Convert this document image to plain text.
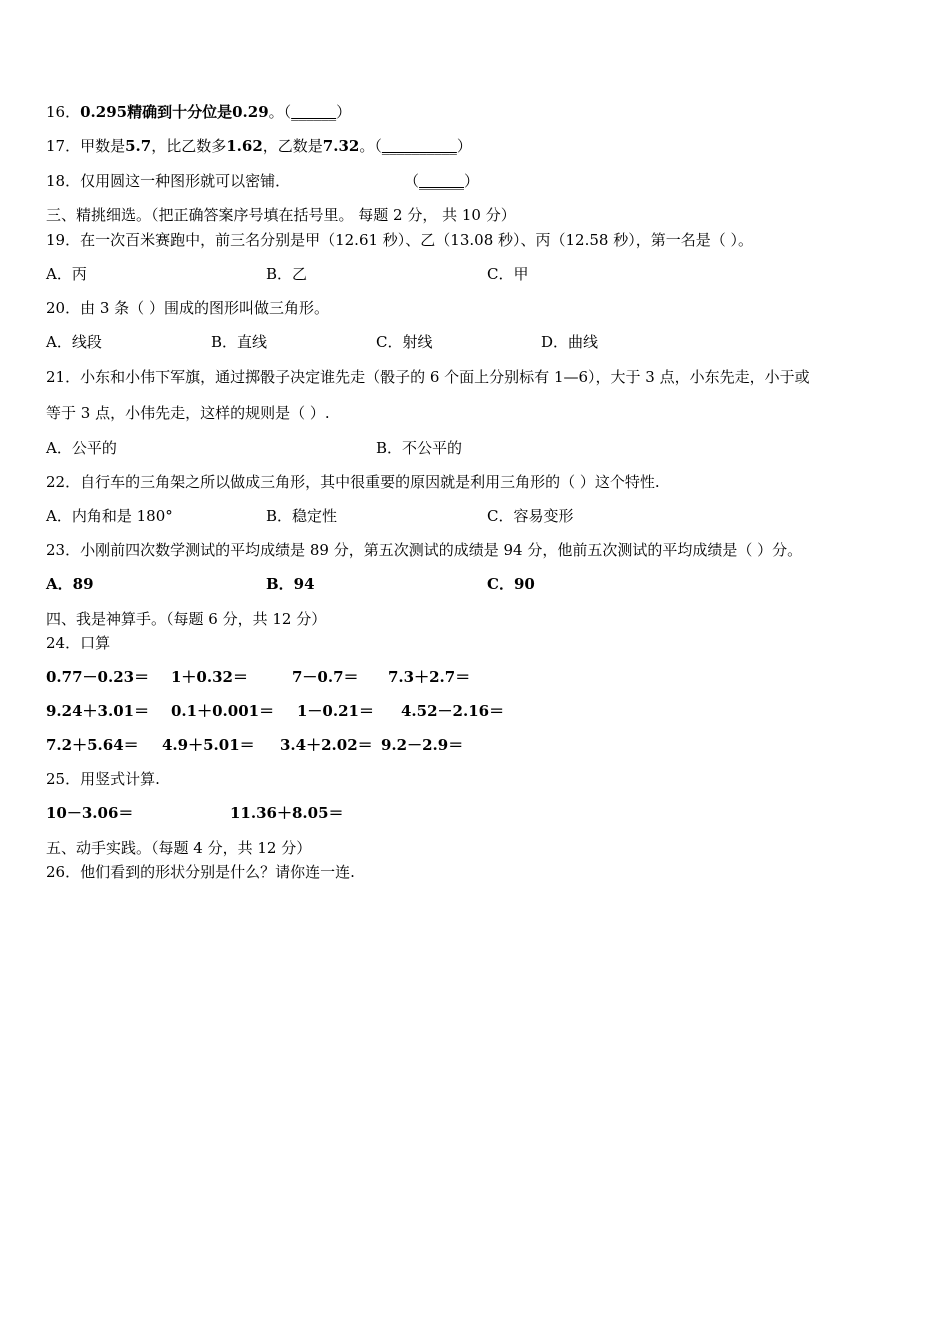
16．0.295精确到十分位是0.29。（______）
17．甲数是5.7，比乙数多1.62，乙数是7.32。（__________）
18．仅用圆这一种图形就可以密铺．	（______）
三、精挑细选。（把正确答案序号填在括号里。 每题 2 分， 共 10 分）
19．在一次百米赛跑中，前三名分别是甲（12.61 秒）、乙（13.08 秒）、丙（12.58 秒），第一名是（ ）。
A．丙	B．乙	C．甲
20．由 3 条（ ）围成的图形叫做三角形。
A．线段	B．直线	C．射线	D．曲线
21．小东和小伟下军旗，通过掷骰子决定谁先走（骰子的 6 个面上分别标有 1—6），大于 3 点，小东先走，小于或
等于 3 点，小伟先走，这样的规则是（ ）.
A．公平的	B．不公平的
22．自行车的三角架之所以做成三角形，其中很重要的原因就是利用三角形的（ ）这个特性.
A．内角和是 180°	B．稳定性	C．容易变形
23．小刚前四次数学测试的平均成绩是 89 分，第五次测试的成绩是 94 分，他前五次测试的平均成绩是（ ）分。
A．89	B．94	C．90
四、我是神算手。（每题 6 分，共 12 分）
24．口算
0.77－0.23＝ 1＋0.32＝	7－0.7＝ 7.3＋2.7＝
9.24＋3.01＝ 0.1＋0.001＝ 1－0.21＝ 4.52－2.16＝
7.2＋5.64＝ 4.9＋5.01＝ 3.4＋2.02＝ 9.2－2.9＝
25．用竖式计算.
10－3.06＝	11.36＋8.05＝
五、动手实践。（每题 4 分，共 12 分）
26．他们看到的形状分别是什么？请你连一连.
